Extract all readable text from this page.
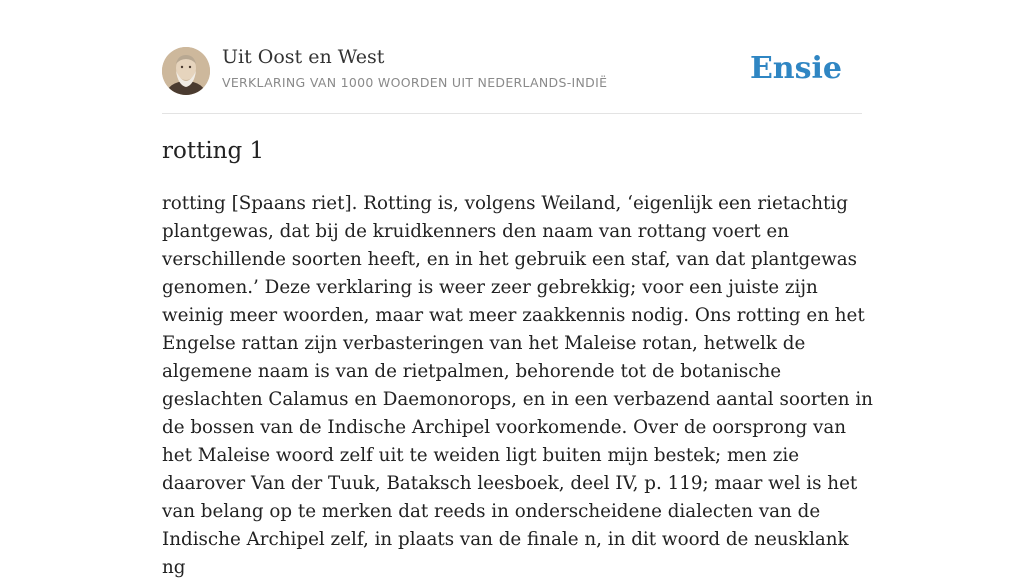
Uit Oost en West
VERKLARING VAN 1000 WOORDEN UIT NEDERLANDS-INDIË	Ensie
rotting 1

rotting [Spaans riet]. Rotting is, volgens Weiland, ‘eigenlijk een rietachtig plantgewas, dat bij de kruidkenners den naam van rottang voert en verschillende soorten heeft, en in het gebruik een staf, van dat plantgewas genomen.’ Deze verklaring is weer zeer gebrekkig; voor een juiste zijn weinig meer woorden, maar wat meer zaakkennis nodig. Ons rotting en het Engelse rattan zijn verbasteringen van het Maleise rotan, hetwelk de algemene naam is van de rietpalmen, behorende tot de botanische geslachten Calamus en Daemonorops, en in een verbazend aantal soorten in de bossen van de Indische Archipel voorkomende. Over de oorsprong van het Maleise woord zelf uit te weiden ligt buiten mijn bestek; men zie daarover Van der Tuuk, Bataksch leesboek, deel IV, p. 119; maar wel is het van belang op te merken dat reeds in onderscheidene dialecten van de Indische Archipel zelf, in plaats van de finale n, in dit woord de neusklank ng
